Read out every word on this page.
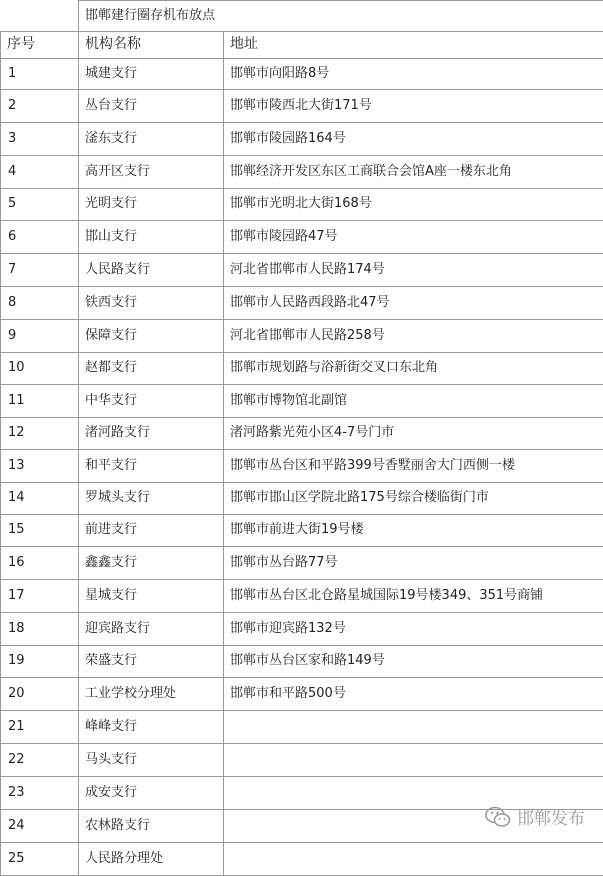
	邯郸建行圈存机布放点	
序号	机构名称	地址
1	城建支行	邯郸市向阳路8号
2	丛台支行	邯郸市陵西北大街171号
3	滏东支行	邯郸市陵园路164号
4	高开区支行	邯郸经济开发区东区工商联合会馆A座一楼东北角
5	光明支行	邯郸市光明北大街168号
6	邯山支行	邯郸市陵园路47号
7	人民路支行	河北省邯郸市人民路174号
8	铁西支行	邯郸市人民路西段路北47号
9	保障支行	河北省邯郸市人民路258号
10	赵都支行	邯郸市规划路与浴新街交叉口东北角
11	中华支行	邯郸市博物馆北副馆
12	渚河路支行	渚河路紫光苑小区4-7号门市
13	和平支行	邯郸市丛台区和平路399号香墅丽舍大门西侧一楼
14	罗城头支行	邯郸市邯山区学院北路175号综合楼临街门市
15	前进支行	邯郸市前进大街19号楼
16	鑫鑫支行	邯郸市丛台路77号
17	星城支行	邯郸市丛台区北仓路星城国际19号楼349、351号商铺
18	迎宾路支行	邯郸市迎宾路132号
19	荣盛支行	邯郸市丛台区家和路149号
20	工业学校分理处	邯郸市和平路500号
21	峰峰支行	
22	马头支行	
23	成安支行	
24	农林路支行	
25	人民路分理处	
邯郸发布
